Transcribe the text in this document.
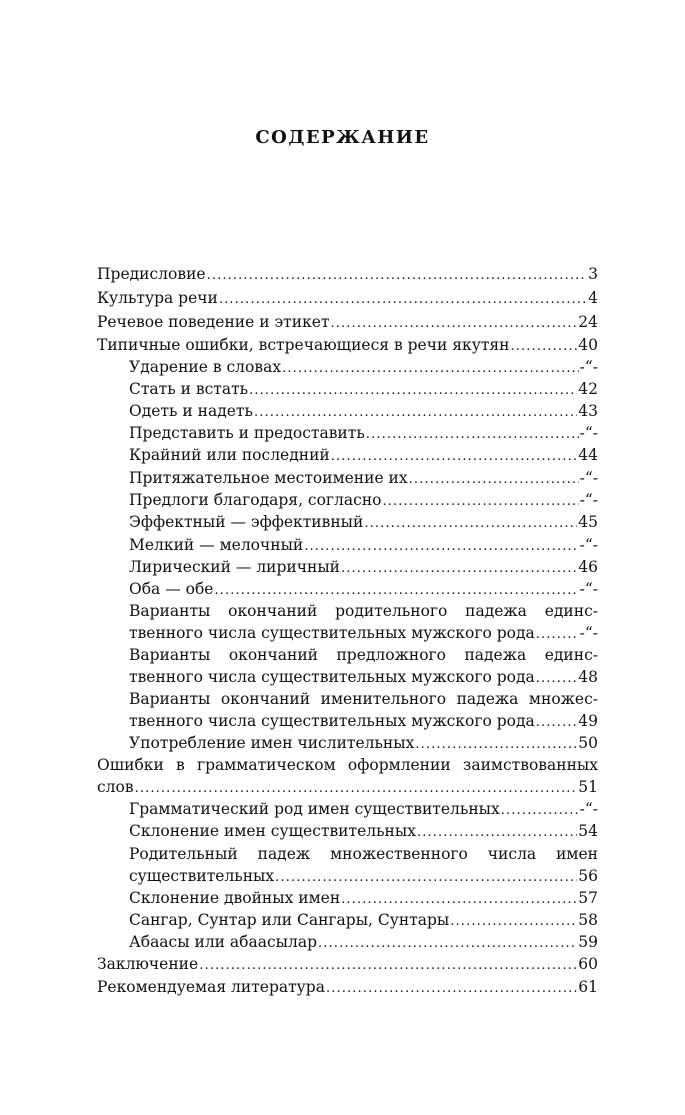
СОДЕРЖАНИЕ
Предисловие . . .	3
Культура речи . . .	4
Речевое поведение и этикет . . .	24
Типичные ошибки, встречающиеся в речи якутян . . .	40
Ударение в словах . . .	-“-
Стать и встать . . .	42
Одеть и надеть . . .	43
Представить и предоставить . . .	-“-
Крайний или последний . . .	44
Притяжательное местоимение их . . .	-“-
Предлоги благодаря, согласно . . .	-“-
Эффектный — эффективный . . .	45
Мелкий — мелочный . . .	-“-
Лирический — лиричный . . .	46
Оба — обе . . .	-“-
Варианты окончаний родительного падежа единс-
твенного числа существительных мужского рода . . .	-“-
Варианты окончаний предложного падежа единс-
твенного числа существительных мужского рода . . .	48
Варианты окончаний именительного падежа множес-
твенного числа существительных мужского рода . . .	49
Употребление имен числительных . . .	50
Ошибки в грамматическом оформлении заимствованных
слов . . .	51
Грамматический род имен существительных . . .	-“-
Склонение имен существительных . . .	54
Родительный падеж множественного числа имен
существительных . . .	56
Склонение двойных имен . . .	57
Сангар, Сунтар или Сангары, Сунтары . . .	58
Абаасы или абаасылар . . .	59
Заключение . . .	60
Рекомендуемая литература . . .	61
